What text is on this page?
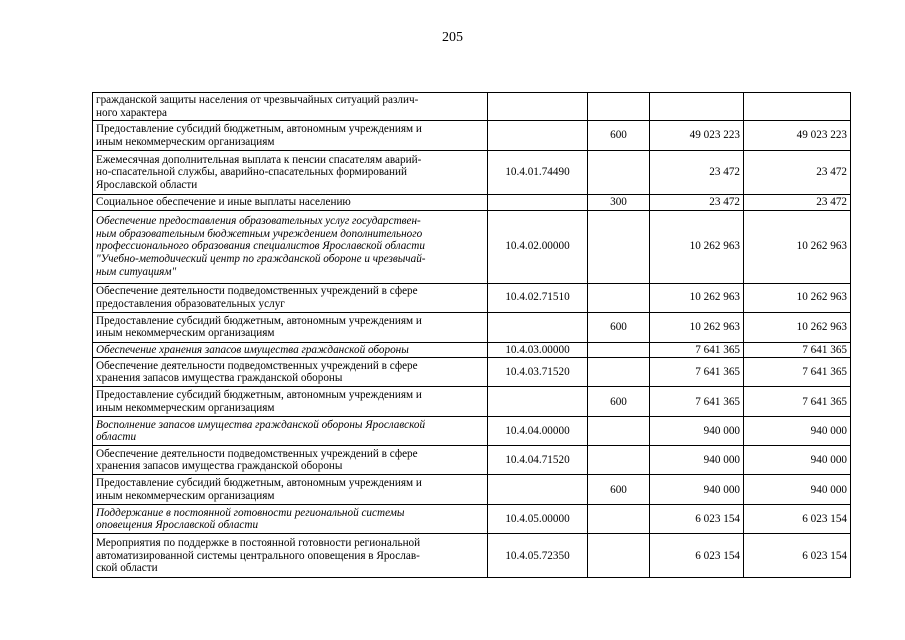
205
гражданской защиты населения от чрезвычайных ситуаций различ-
ного характера				
Предоставление субсидий бюджетным, автономным учреждениям и
иным некоммерческим организациям		600	49 023 223	49 023 223
Ежемесячная дополнительная выплата к пенсии спасателям аварий-
но-спасательной службы, аварийно-спасательных формирований
Ярославской области	10.4.01.74490		23 472	23 472
Социальное обеспечение и иные выплаты населению		300	23 472	23 472
Обеспечение предоставления образовательных услуг государствен-
ным образовательным бюджетным учреждением дополнительного
профессионального образования специалистов Ярославской области
"Учебно-методический центр по гражданской обороне и чрезвычай-
ным ситуациям"	10.4.02.00000		10 262 963	10 262 963
Обеспечение деятельности подведомственных учреждений в сфере
предоставления образовательных услуг	10.4.02.71510		10 262 963	10 262 963
Предоставление субсидий бюджетным, автономным учреждениям и
иным некоммерческим организациям		600	10 262 963	10 262 963
Обеспечение хранения запасов имущества гражданской обороны	10.4.03.00000		7 641 365	7 641 365
Обеспечение деятельности подведомственных учреждений в сфере
хранения запасов имущества гражданской обороны	10.4.03.71520		7 641 365	7 641 365
Предоставление субсидий бюджетным, автономным учреждениям и
иным некоммерческим организациям		600	7 641 365	7 641 365
Восполнение запасов имущества гражданской обороны Ярославской
области	10.4.04.00000		940 000	940 000
Обеспечение деятельности подведомственных учреждений в сфере
хранения запасов имущества гражданской обороны	10.4.04.71520		940 000	940 000
Предоставление субсидий бюджетным, автономным учреждениям и
иным некоммерческим организациям		600	940 000	940 000
Поддержание в постоянной готовности региональной системы
оповещения Ярославской области	10.4.05.00000		6 023 154	6 023 154
Мероприятия по поддержке в постоянной готовности региональной
автоматизированной системы центрального оповещения в Ярослав-
ской области	10.4.05.72350		6 023 154	6 023 154
